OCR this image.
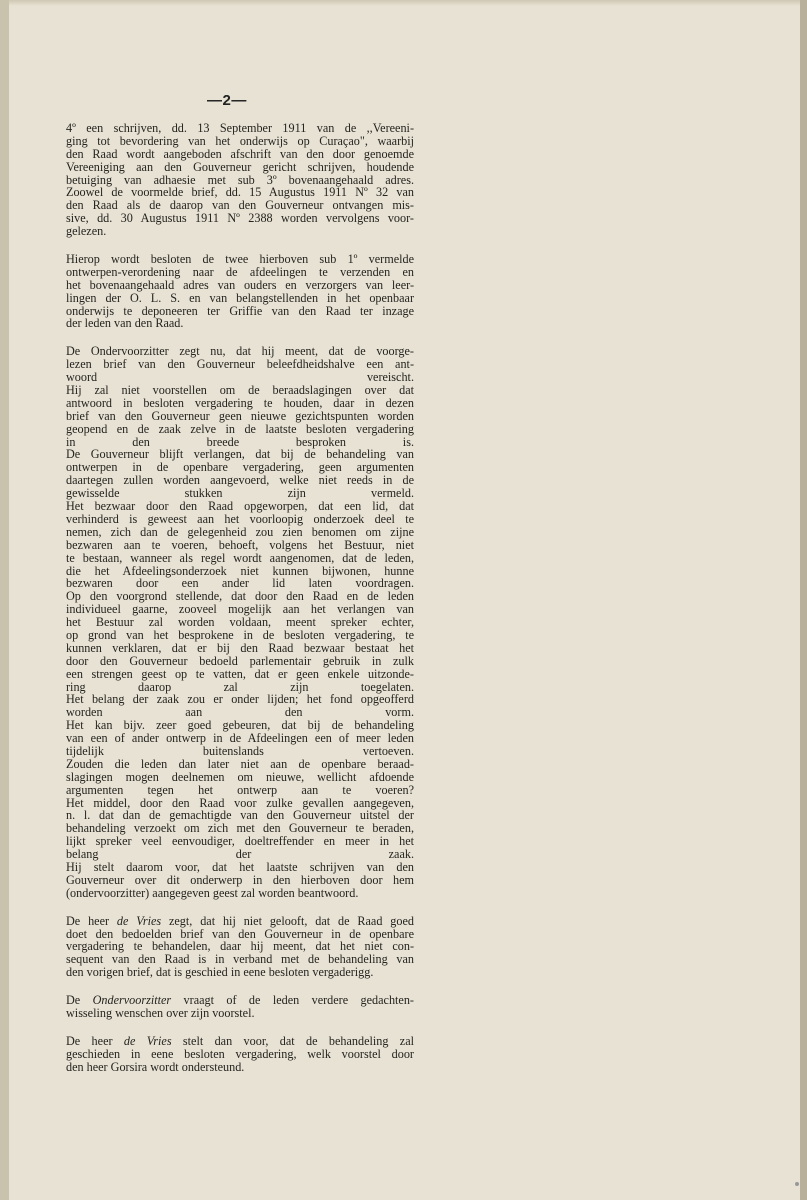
—2—
4º een schrijven, dd. 13 September 1911 van de ,,Vereeni-
ging tot bevordering van het onderwijs op Curaçao", waarbij
den Raad wordt aangeboden afschrift van den door genoemde
Vereeniging aan den Gouverneur gericht schrijven, houdende
betuiging van adhaesie met sub 3º bovenaangehaald adres.
Zoowel de voormelde brief, dd. 15 Augustus 1911 Nº 32 van
den Raad als de daarop van den Gouverneur ontvangen mis-
sive, dd. 30 Augustus 1911 Nº 2388 worden vervolgens voor-
gelezen.
Hierop wordt besloten de twee hierboven sub 1º vermelde
ontwerpen-verordening naar de afdeelingen te verzenden en
het bovenaangehaald adres van ouders en verzorgers van leer-
lingen der O. L. S. en van belangstellenden in het openbaar
onderwijs te deponeeren ter Griffie van den Raad ter inzage
der leden van den Raad.
De Ondervoorzitter zegt nu, dat hij meent, dat de voorge-
lezen brief van den Gouverneur beleefdheidshalve een ant-
woord vereischt.
Hij zal niet voorstellen om de beraadslagingen over dat
antwoord in besloten vergadering te houden, daar in dezen
brief van den Gouverneur geen nieuwe gezichtspunten worden
geopend en de zaak zelve in de laatste besloten vergadering
in den breede besproken is.
De Gouverneur blijft verlangen, dat bij de behandeling van
ontwerpen in de openbare vergadering, geen argumenten
daartegen zullen worden aangevoerd, welke niet reeds in de
gewisselde stukken zijn vermeld.
Het bezwaar door den Raad opgeworpen, dat een lid, dat
verhinderd is geweest aan het voorloopig onderzoek deel te
nemen, zich dan de gelegenheid zou zien benomen om zijne
bezwaren aan te voeren, behoeft, volgens het Bestuur, niet
te bestaan, wanneer als regel wordt aangenomen, dat de leden,
die het Afdeelingsonderzoek niet kunnen bijwonen, hunne
bezwaren door een ander lid laten voordragen.
Op den voorgrond stellende, dat door den Raad en de leden
individueel gaarne, zooveel mogelijk aan het verlangen van
het Bestuur zal worden voldaan, meent spreker echter,
op grond van het besprokene in de besloten vergadering, te
kunnen verklaren, dat er bij den Raad bezwaar bestaat het
door den Gouverneur bedoeld parlementair gebruik in zulk
een strengen geest op te vatten, dat er geen enkele uitzonde-
ring daarop zal zijn toegelaten.
Het belang der zaak zou er onder lijden; het fond opgeofferd
worden aan den vorm.
Het kan bijv. zeer goed gebeuren, dat bij de behandeling
van een of ander ontwerp in de Afdeelingen een of meer leden
tijdelijk buitenslands vertoeven.
Zouden die leden dan later niet aan de openbare beraad-
slagingen mogen deelnemen om nieuwe, wellicht afdoende
argumenten tegen het ontwerp aan te voeren?
Het middel, door den Raad voor zulke gevallen aangegeven,
n. l. dat dan de gemachtigde van den Gouverneur uitstel der
behandeling verzoekt om zich met den Gouverneur te beraden,
lijkt spreker veel eenvoudiger, doeltreffender en meer in het
belang der zaak.
Hij stelt daarom voor, dat het laatste schrijven van den
Gouverneur over dit onderwerp in den hierboven door hem
(ondervoorzitter) aangegeven geest zal worden beantwoord.
De heer de Vries zegt, dat hij niet gelooft, dat de Raad goed
doet den bedoelden brief van den Gouverneur in de openbare
vergadering te behandelen, daar hij meent, dat het niet con-
sequent van den Raad is in verband met de behandeling van
den vorigen brief, dat is geschied in eene besloten vergaderigg.
De Ondervoorzitter vraagt of de leden verdere gedachten-
wisseling wenschen over zijn voorstel.
De heer de Vries stelt dan voor, dat de behandeling zal
geschieden in eene besloten vergadering, welk voorstel door
den heer Gorsira wordt ondersteund.
